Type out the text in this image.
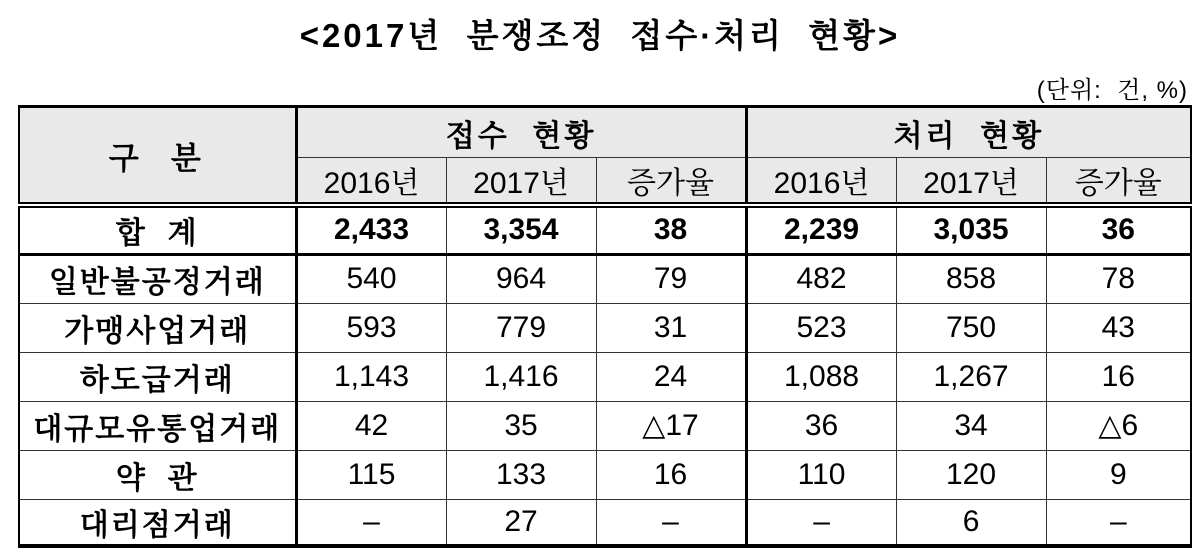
<2017년  분쟁조정  접수·처리  현황>
(단위:  건, %)
구  분	접수  현황			처리  현황		
	2016년	2017년	증가율	2016년	2017년	증가율
합  계	2,433	3,354	38	2,239	3,035	36
일반불공정거래	540	964	79	482	858	78
가맹사업거래	593	779	31	523	750	43
하도급거래	1,143	1,416	24	1,088	1,267	16
대규모유통업거래	42	35	△17	36	34	△6
약  관	115	133	16	110	120	9
대리점거래	–	27	–	–	6	–
